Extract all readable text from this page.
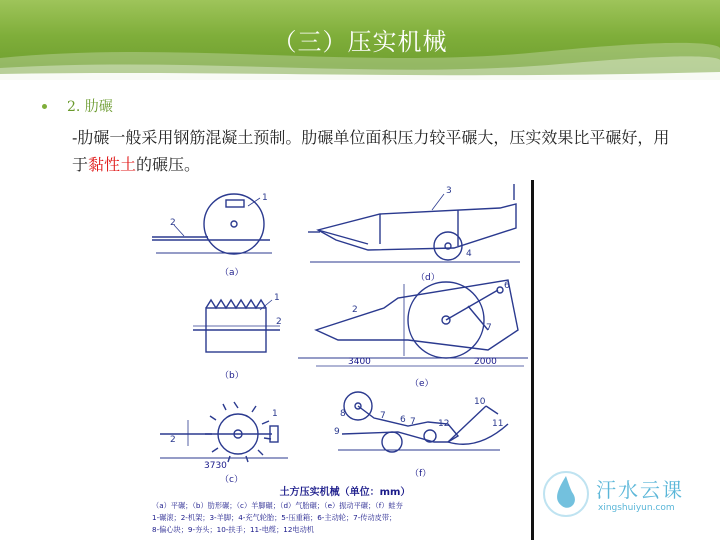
（三）压实机械
2. 肋碾
-肋碾一般采用钢筋混凝土预制。肋碾单位面积压力较平碾大，压实效果比平碾好，用于黏性土的碾压。
1
2
3
4
1
2
2
6
7
1
2
7 6 7
9
8
12
10
11
（a）
（b）
（d）
（e）
（c）
（f）
3400	2000
3730
土方压实机械（单位：mm）
（a）平碾；（b）肋形碾；（c）羊脚碾；（d）气胎碾；（e）振动平碾；（f）蛙夯
1-碾滚；2-机架；3-羊脚；4-充气轮胎；5-压重箱；6-主动轮；7-传动皮带；
8-偏心块；9-夯头；10-扶手；11-电缆；12电动机
汗水云课
xingshuiyun.com
